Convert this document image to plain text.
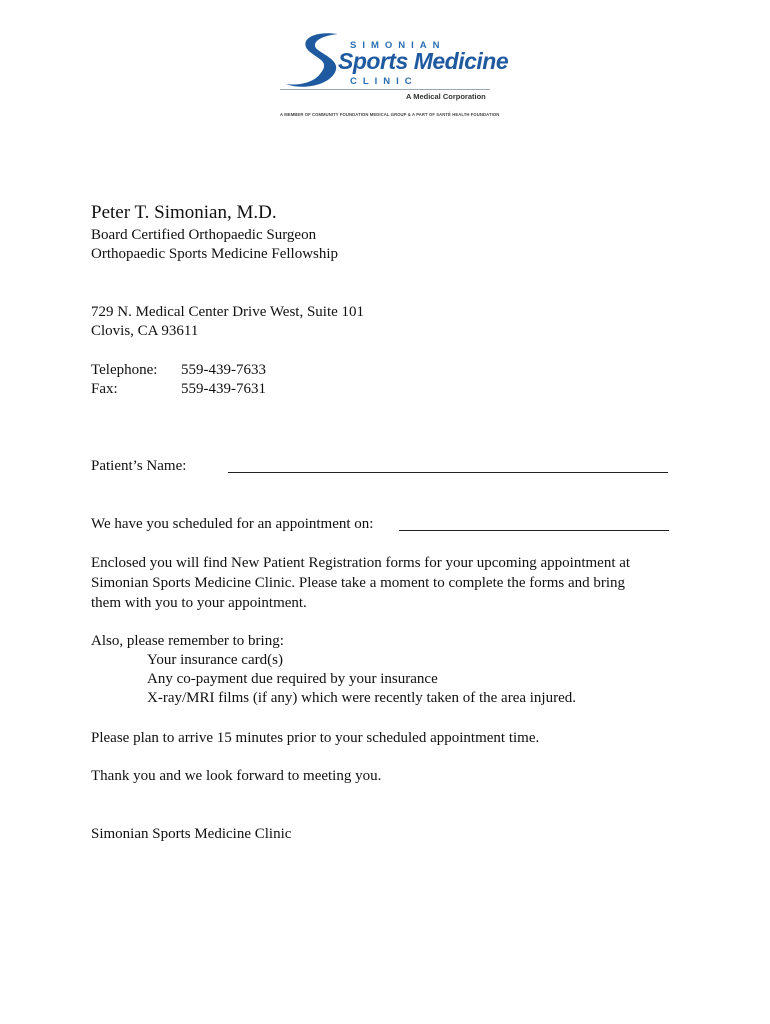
SIMONIAN
Sports Medicine
CLINIC
A Medical Corporation
A MEMBER OF COMMUNITY FOUNDATION MEDICAL GROUP & A PART OF SANTÉ HEALTH FOUNDATION
Peter T. Simonian, M.D.
Board Certified Orthopaedic Surgeon
Orthopaedic Sports Medicine Fellowship
729 N. Medical Center Drive West, Suite 101
Clovis, CA 93611
Telephone: 559-439-7633
Fax:	559-439-7631
Patient’s Name:
We have you scheduled for an appointment on:
Enclosed you will find New Patient Registration forms for your upcoming appointment at
Simonian Sports Medicine Clinic. Please take a moment to complete the forms and bring
them with you to your appointment.
Also, please remember to bring:
Your insurance card(s)
Any co-payment due required by your insurance
X-ray/MRI films (if any) which were recently taken of the area injured.
Please plan to arrive 15 minutes prior to your scheduled appointment time.
Thank you and we look forward to meeting you.
Simonian Sports Medicine Clinic
